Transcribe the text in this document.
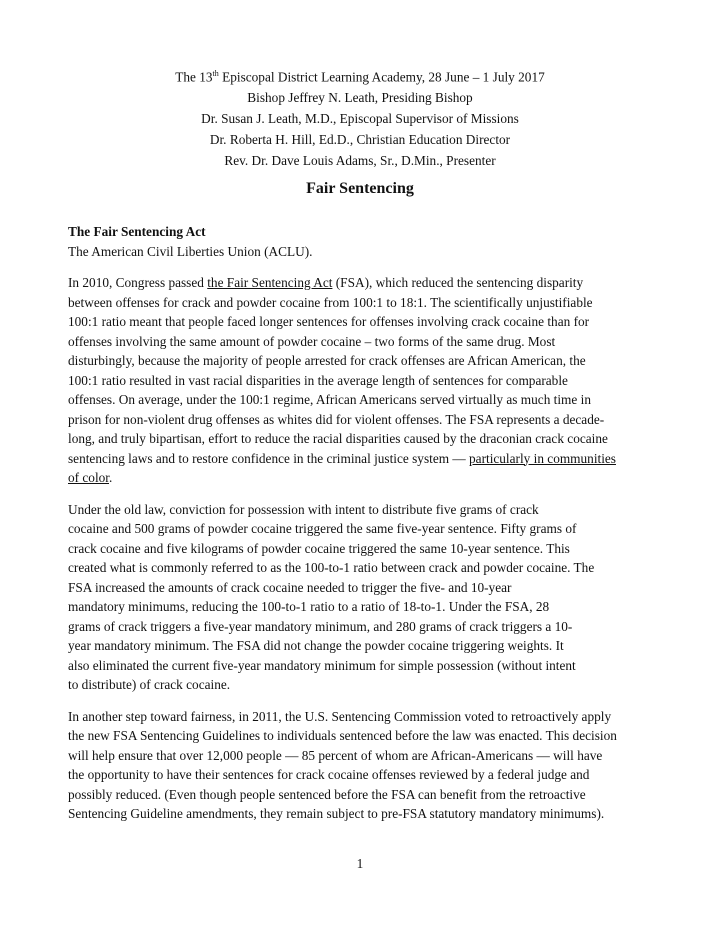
The 13th Episcopal District Learning Academy, 28 June – 1 July 2017
Bishop Jeffrey N. Leath, Presiding Bishop
Dr. Susan J. Leath, M.D., Episcopal Supervisor of Missions
Dr. Roberta H. Hill, Ed.D., Christian Education Director
Rev. Dr. Dave Louis Adams, Sr., D.Min., Presenter
Fair Sentencing
The Fair Sentencing Act
The American Civil Liberties Union (ACLU).
In 2010, Congress passed the Fair Sentencing Act (FSA), which reduced the sentencing disparity
between offenses for crack and powder cocaine from 100:1 to 18:1. The scientifically unjustifiable
100:1 ratio meant that people faced longer sentences for offenses involving crack cocaine than for
offenses involving the same amount of powder cocaine – two forms of the same drug. Most
disturbingly, because the majority of people arrested for crack offenses are African American, the
100:1 ratio resulted in vast racial disparities in the average length of sentences for comparable
offenses. On average, under the 100:1 regime, African Americans served virtually as much time in
prison for non-violent drug offenses as whites did for violent offenses. The FSA represents a decade-
long, and truly bipartisan, effort to reduce the racial disparities caused by the draconian crack cocaine
sentencing laws and to restore confidence in the criminal justice system — particularly in communities
of color.
Under the old law, conviction for possession with intent to distribute five grams of crack
cocaine and 500 grams of powder cocaine triggered the same five-year sentence. Fifty grams of
crack cocaine and five kilograms of powder cocaine triggered the same 10-year sentence. This
created what is commonly referred to as the 100-to-1 ratio between crack and powder cocaine. The
FSA increased the amounts of crack cocaine needed to trigger the five- and 10-year
mandatory minimums, reducing the 100-to-1 ratio to a ratio of 18-to-1. Under the FSA, 28
grams of crack triggers a five-year mandatory minimum, and 280 grams of crack triggers a 10-
year mandatory minimum. The FSA did not change the powder cocaine triggering weights. It
also eliminated the current five-year mandatory minimum for simple possession (without intent
to distribute) of crack cocaine.
In another step toward fairness, in 2011, the U.S. Sentencing Commission voted to retroactively apply
the new FSA Sentencing Guidelines to individuals sentenced before the law was enacted. This decision
will help ensure that over 12,000 people — 85 percent of whom are African-Americans — will have
the opportunity to have their sentences for crack cocaine offenses reviewed by a federal judge and
possibly reduced. (Even though people sentenced before the FSA can benefit from the retroactive
Sentencing Guideline amendments, they remain subject to pre-FSA statutory mandatory minimums).
1
